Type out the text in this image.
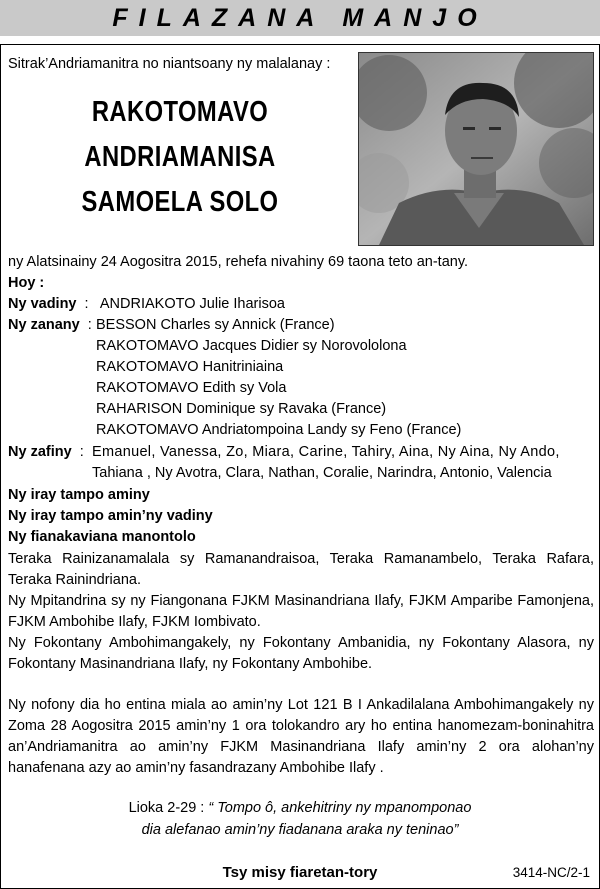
FILAZANA MANJO
Sitrak’Andriamanitra no niantsoany ny malalanay :
RAKOTOMAVO
ANDRIAMANISA
SAMOELA SOLO
ny Alatsinainy 24 Aogositra 2015, rehefa nivahiny 69 taona teto an-tany.
Hoy :
Ny vadiny  :   ANDRIAKOTO Julie Iharisoa
Ny zanany  : BESSON Charles sy Annick (France)
RAKOTOMAVO Jacques Didier sy Norovololona
RAKOTOMAVO Hanitriniaina
RAKOTOMAVO Edith sy Vola
RAHARISON Dominique sy Ravaka (France)
RAKOTOMAVO Andriatompoina Landy sy Feno (France)
Ny zafiny  : Emanuel, Vanessa, Zo, Miara, Carine, Tahiry, Aina, Ny Aina, Ny Ando,
Tahiana , Ny Avotra, Clara, Nathan, Coralie, Narindra, Antonio, Valencia
Ny iray tampo aminy
Ny iray tampo amin’ny vadiny
Ny fianakaviana manontolo
Teraka Rainizanamalala sy Ramanandraisoa, Teraka Ramanambelo, Teraka Rafara, Teraka Rainindriana.
Ny Mpitandrina sy ny Fiangonana FJKM Masinandriana Ilafy, FJKM Amparibe Famonjena, FJKM Ambohibe Ilafy, FJKM Iombivato.
Ny Fokontany Ambohimangakely, ny Fokontany Ambanidia, ny Fokontany Alasora, ny Fokontany Masinandriana Ilafy, ny Fokontany Ambohibe.
Ny nofony dia ho entina miala ao amin’ny Lot 121 B I Ankadilalana Ambohimangakely ny Zoma 28 Aogositra 2015 amin’ny 1 ora tolokandro ary ho entina hanomezam-boninahitra an’Andriamanitra ao amin’ny FJKM Masinandriana Ilafy amin’ny 2 ora alohan’ny hanafenana azy ao amin’ny fasandrazany Ambohibe Ilafy .
Lioka 2-29 : “ Tompo ô, ankehitriny ny mpanomponao
dia alefanao amin’ny fiadanana araka ny teninao”
Tsy misy fiaretan-tory	3414-NC/2-1
